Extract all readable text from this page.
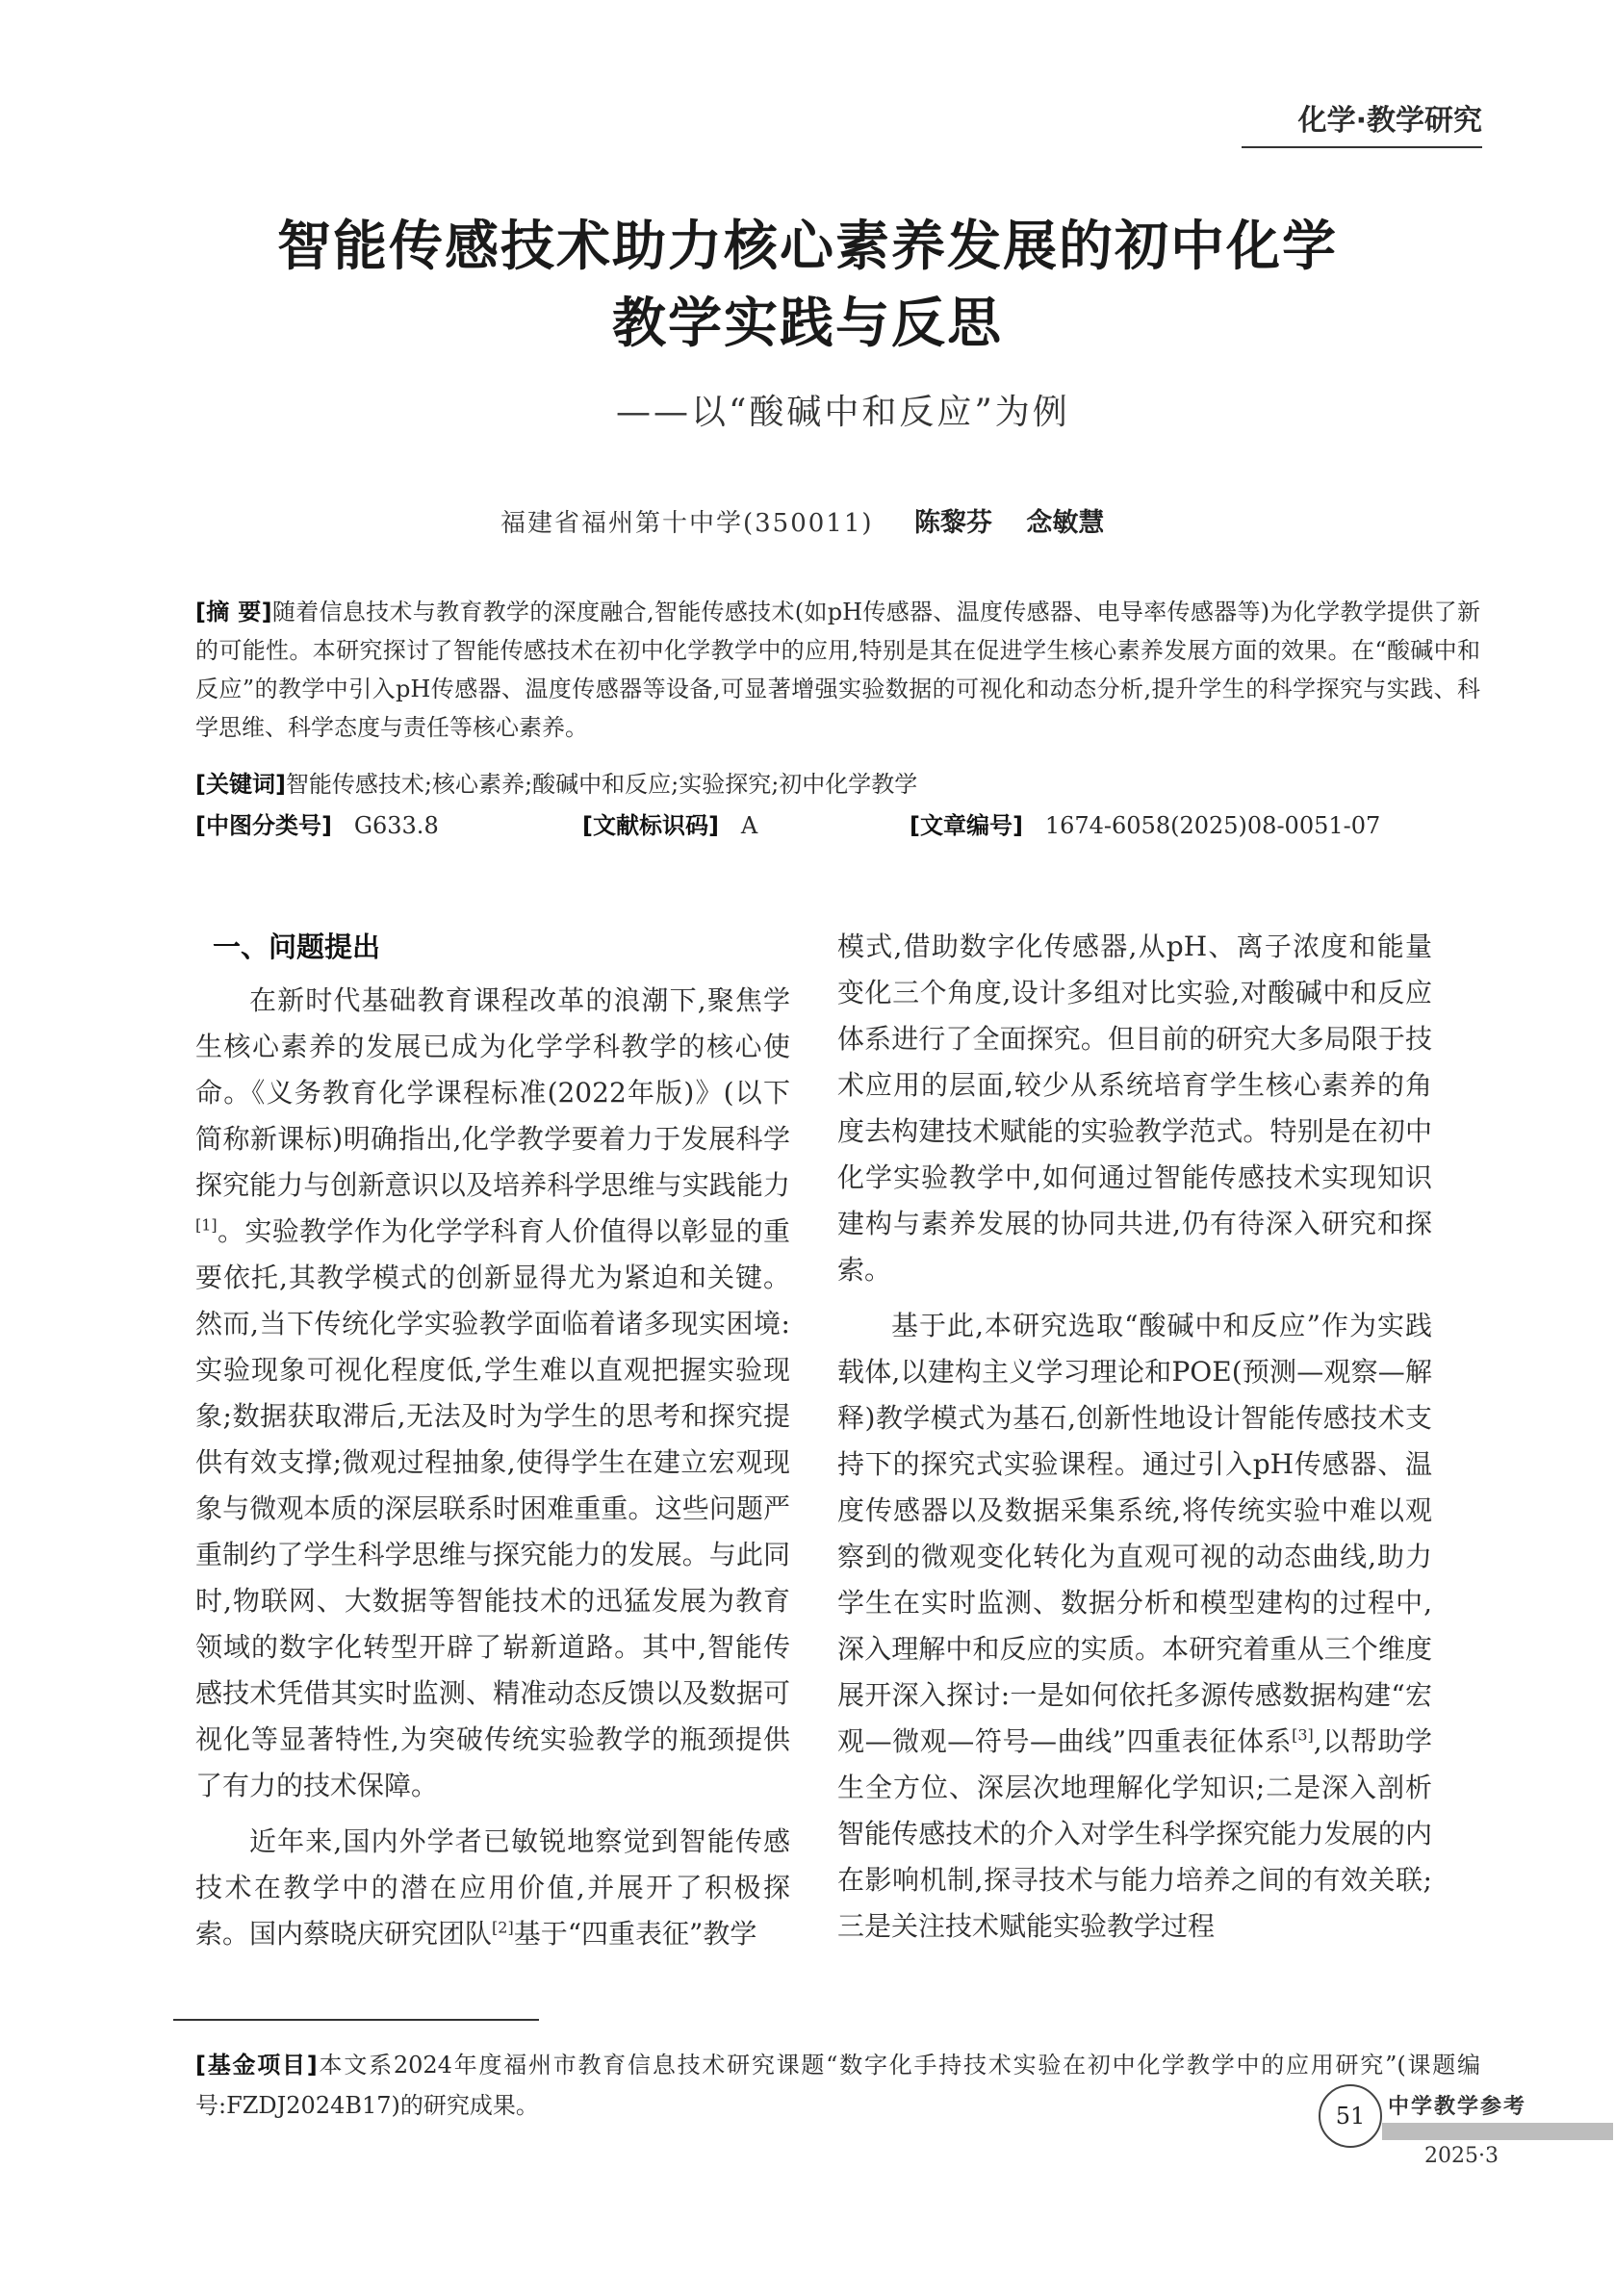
化学·教学研究
智能传感技术助力核心素养发展的初中化学
教学实践与反思
——以“酸碱中和反应”为例
福建省福州第十中学(350011) 陈黎芬 念敏慧
[摘 要]随着信息技术与教育教学的深度融合,智能传感技术(如pH传感器、温度传感器、电导率传感器等)为化学教学提供了新的可能性。本研究探讨了智能传感技术在初中化学教学中的应用,特别是其在促进学生核心素养发展方面的效果。在“酸碱中和反应”的教学中引入pH传感器、温度传感器等设备,可显著增强实验数据的可视化和动态分析,提升学生的科学探究与实践、科学思维、科学态度与责任等核心素养。
[关键词]智能传感技术;核心素养;酸碱中和反应;实验探究;初中化学教学
[中图分类号] G633.8	[文献标识码] A	[文章编号] 1674-6058(2025)08-0051-07
一、问题提出

在新时代基础教育课程改革的浪潮下,聚焦学生核心素养的发展已成为化学学科教学的核心使命。《义务教育化学课程标准(2022年版)》(以下简称新课标)明确指出,化学教学要着力于发展科学探究能力与创新意识以及培养科学思维与实践能力[1]。实验教学作为化学学科育人价值得以彰显的重要依托,其教学模式的创新显得尤为紧迫和关键。然而,当下传统化学实验教学面临着诸多现实困境:实验现象可视化程度低,学生难以直观把握实验现象;数据获取滞后,无法及时为学生的思考和探究提供有效支撑;微观过程抽象,使得学生在建立宏观现象与微观本质的深层联系时困难重重。这些问题严重制约了学生科学思维与探究能力的发展。与此同时,物联网、大数据等智能技术的迅猛发展为教育领域的数字化转型开辟了崭新道路。其中,智能传感技术凭借其实时监测、精准动态反馈以及数据可视化等显著特性,为突破传统实验教学的瓶颈提供了有力的技术保障。

近年来,国内外学者已敏锐地察觉到智能传感技术在教学中的潜在应用价值,并展开了积极探索。国内蔡晓庆研究团队[2]基于“四重表征”教学

模式,借助数字化传感器,从pH、离子浓度和能量变化三个角度,设计多组对比实验,对酸碱中和反应体系进行了全面探究。但目前的研究大多局限于技术应用的层面,较少从系统培育学生核心素养的角度去构建技术赋能的实验教学范式。特别是在初中化学实验教学中,如何通过智能传感技术实现知识建构与素养发展的协同共进,仍有待深入研究和探索。

基于此,本研究选取“酸碱中和反应”作为实践载体,以建构主义学习理论和POE(预测—观察—解释)教学模式为基石,创新性地设计智能传感技术支持下的探究式实验课程。通过引入pH传感器、温度传感器以及数据采集系统,将传统实验中难以观察到的微观变化转化为直观可视的动态曲线,助力学生在实时监测、数据分析和模型建构的过程中,深入理解中和反应的实质。本研究着重从三个维度展开深入探讨:一是如何依托多源传感数据构建“宏观—微观—符号—曲线”四重表征体系[3],以帮助学生全方位、深层次地理解化学知识;二是深入剖析智能传感技术的介入对学生科学探究能力发展的内在影响机制,探寻技术与能力培养之间的有效关联;三是关注技术赋能实验教学过程

[基金项目]本文系2024年度福州市教育信息技术研究课题“数字化手持技术实验在初中化学教学中的应用研究”(课题编号:FZDJ2024B17)的研究成果。	51	中学教学参考
2025·3
